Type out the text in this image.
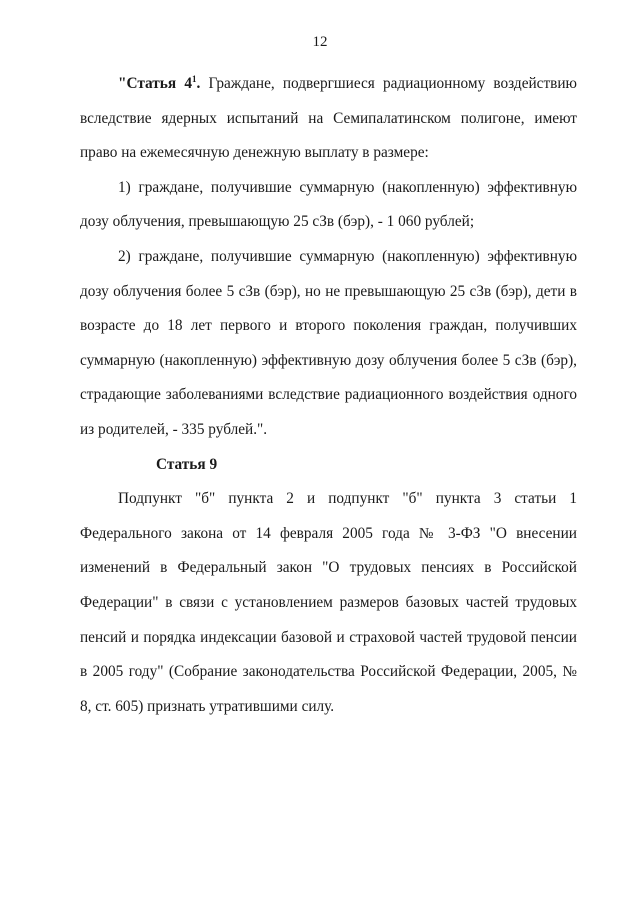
12

"Статья $4^1$. Граждане, подвергшиеся радиационному воздействию вследствие ядерных испытаний на Семипалатинском полигоне, имеют право на ежемесячную денежную выплату в размере:

1) граждане, получившие суммарную (накопленную) эффективную дозу облучения, превышающую 25 сЗв (бэр), - 1 060 рублей;

2) граждане, получившие суммарную (накопленную) эффективную дозу облучения более 5 сЗв (бэр), но не превышающую 25 сЗв (бэр), дети в возрасте до 18 лет первого и второго поколения граждан, получивших суммарную (накопленную) эффективную дозу облучения более 5 сЗв (бэр), страдающие заболеваниями вследствие радиационного воздействия одного из родителей, - 335 рублей.".

Статья 9

Подпункт "б" пункта 2 и подпункт "б" пункта 3 статьи 1 Федерального закона от 14 февраля 2005 года № 3-ФЗ "О внесении изменений в Федеральный закон "О трудовых пенсиях в Российской Федерации" в связи с установлением размеров базовых частей трудовых пенсий и порядка индексации базовой и страховой частей трудовой пенсии в 2005 году" (Собрание законодательства Российской Федерации, 2005, № 8, ст. 605) признать утратившими силу.
